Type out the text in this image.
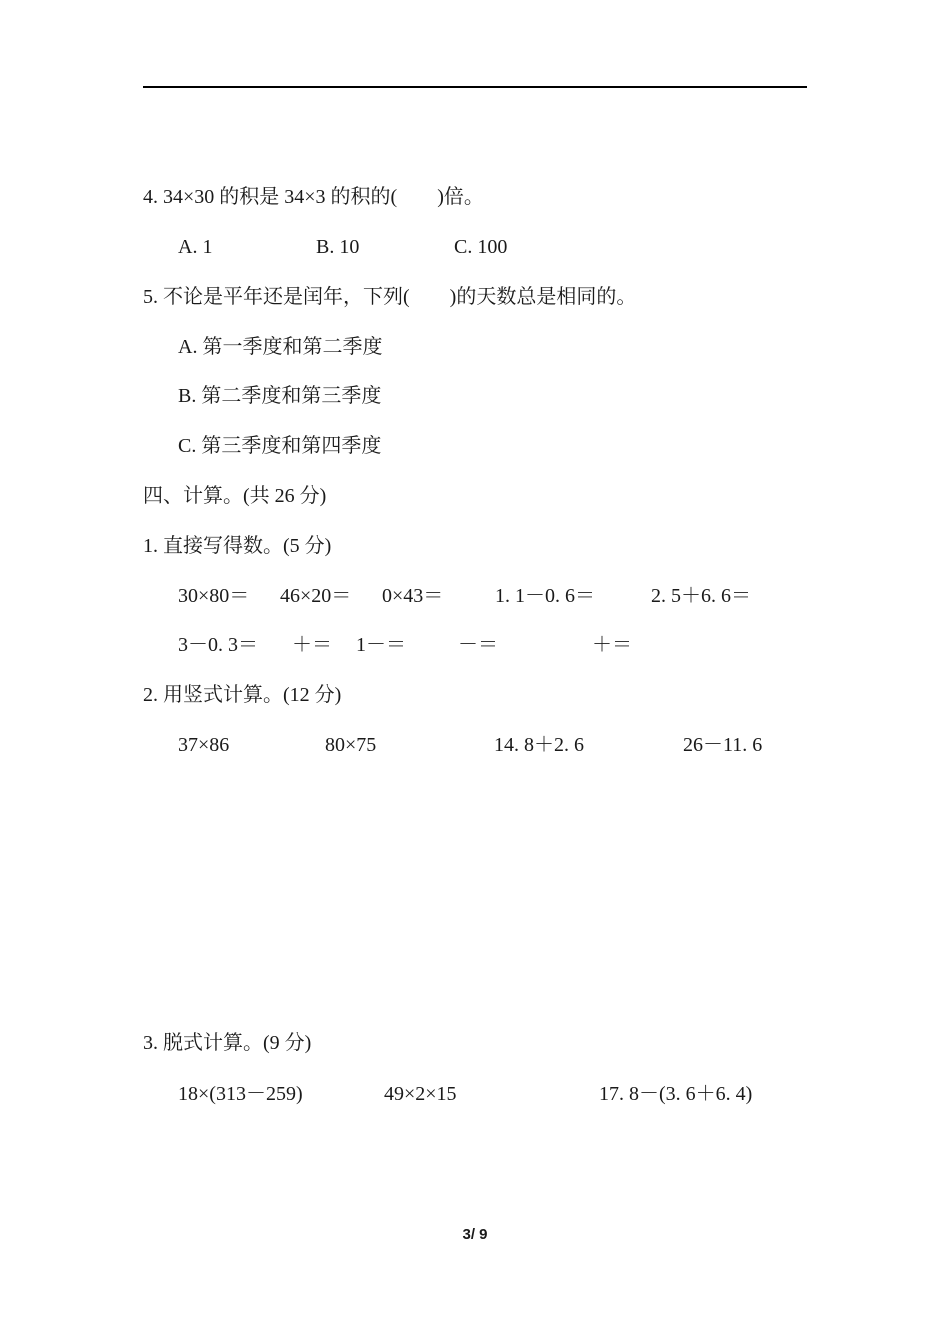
4. 34×30 的积是 34×3 的积的(　　)倍。
A. 1	B. 10	C. 100
5. 不论是平年还是闰年，下列(　　)的天数总是相同的。
A. 第一季度和第二季度
B. 第二季度和第三季度
C. 第三季度和第四季度
四、计算。(共 26 分)
1. 直接写得数。(5 分)
30×80＝ 46×20＝ 0×43＝	1. 1－0. 6＝	2. 5＋6. 6＝
3－0. 3＝ ＋＝ 1－＝	－＝	＋＝
2. 用竖式计算。(12 分)
37×86	80×75	14. 8＋2. 6	26－11. 6
3. 脱式计算。(9 分)
18×(313－259)	49×2×15	17. 8－(3. 6＋6. 4)
3/ 9
